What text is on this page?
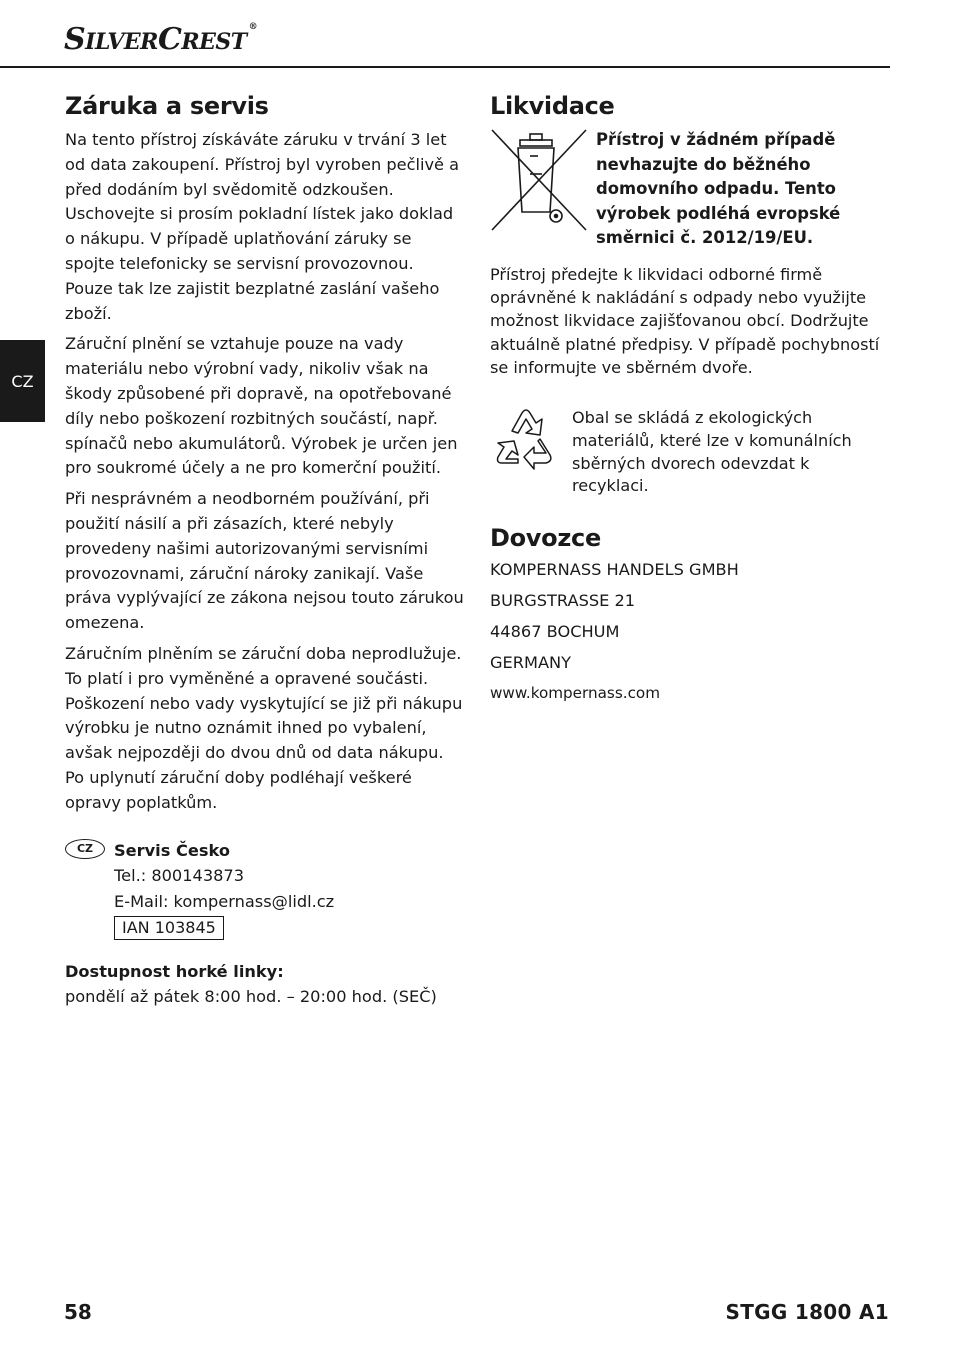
SILVERCREST®
CZ
Záruka a servis

Na tento přístroj získáváte záruku v trvání 3 let od data zakoupení. Přístroj byl vyroben pečlivě a před dodáním byl svědomitě odzkoušen. Uschovejte si prosím pokladní lístek jako doklad o nákupu. V případě uplatňování záruky se spojte telefonicky se servisní provozovnou. Pouze tak lze zajistit bezplatné zaslání vašeho zboží.

Záruční plnění se vztahuje pouze na vady materiálu nebo výrobní vady, nikoliv však na škody způsobené při dopravě, na opotřebované díly nebo poškození rozbitných součástí, např. spínačů nebo akumulátorů. Výrobek je určen jen pro soukromé účely a ne pro komerční použití.

Při nesprávném a neodborném používání, při použití násilí a při zásazích, které nebyly provedeny našimi autorizovanými servisními provozovnami, záruční nároky zanikají. Vaše práva vyplývající ze zákona nejsou touto zárukou omezena.

Záručním plněním se záruční doba neprodlužuje. To platí i pro vyměněné a opravené součásti. Poškození nebo vady vyskytující se již při nákupu výrobku je nutno oznámit ihned po vybalení, avšak nejpozději do dvou dnů od data nákupu. Po uplynutí záruční doby podléhají veškeré opravy poplatkům.

CZ Servis Česko

Tel.: 800143873

E-Mail: kompernass@lidl.cz

IAN 103845

Dostupnost horké linky:

pondělí až pátek 8:00 hod. – 20:00 hod. (SEČ)

Likvidace

Přístroj v žádném případě nevhazujte do běžného domovního odpadu. Tento výrobek podléhá evropské směrnici č. 2012/19/EU.

Přístroj předejte k likvidaci odborné firmě oprávněné k nakládání s odpady nebo využijte možnost likvidace zajišťovanou obcí. Dodržujte aktuálně platné předpisy. V případě pochybností se informujte ve sběrném dvoře.

Obal se skládá z ekologických materiálů, které lze v komunálních sběrných dvorech odevzdat k recyklaci.

Dovozce

KOMPERNASS HANDELS GMBH

BURGSTRASSE 21

44867 BOCHUM

GERMANY

www.kompernass.com

58	STGG 1800 A1
